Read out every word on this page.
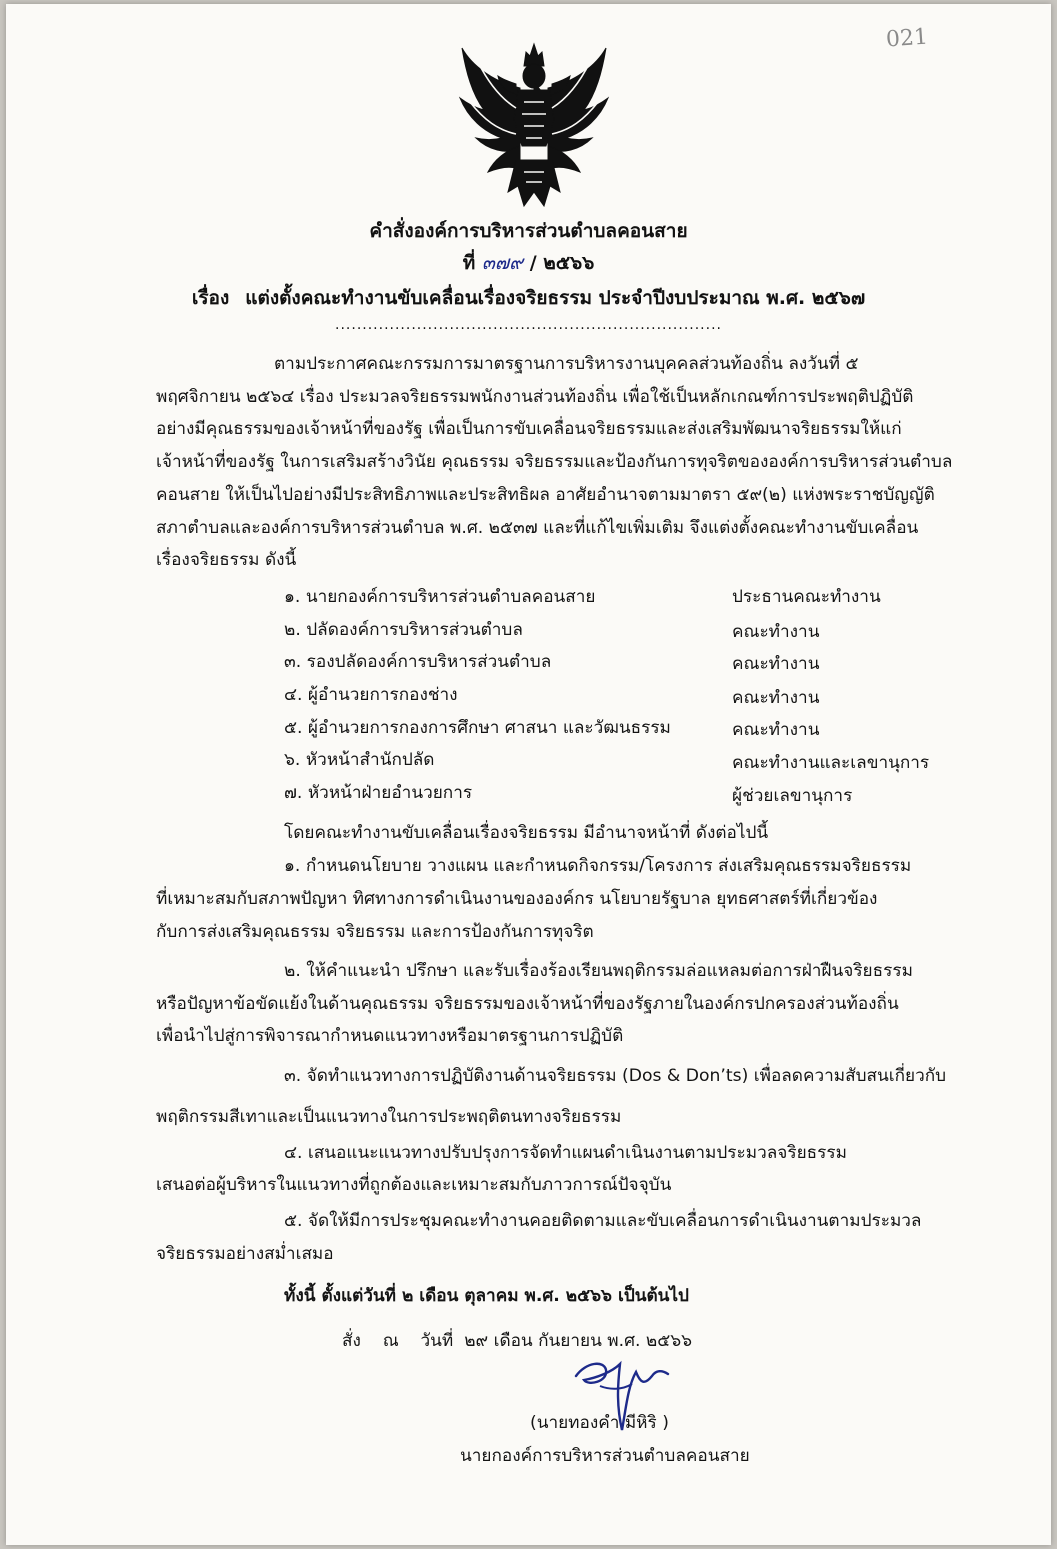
021
คำสั่งองค์การบริหารส่วนตำบลคอนสาย
ที่ ๓๗๙ / ๒๕๖๖
เรื่อง แต่งตั้งคณะทำงานขับเคลื่อนเรื่องจริยธรรม ประจำปีงบประมาณ พ.ศ. ๒๕๖๗
.......................................................................
ตามประกาศคณะกรรมการมาตรฐานการบริหารงานบุคคลส่วนท้องถิ่น ลงวันที่ ๕
พฤศจิกายน ๒๕๖๔ เรื่อง ประมวลจริยธรรมพนักงานส่วนท้องถิ่น เพื่อใช้เป็นหลักเกณฑ์การประพฤติปฏิบัติ
อย่างมีคุณธรรมของเจ้าหน้าที่ของรัฐ เพื่อเป็นการขับเคลื่อนจริยธรรมและส่งเสริมพัฒนาจริยธรรมให้แก่
เจ้าหน้าที่ของรัฐ ในการเสริมสร้างวินัย คุณธรรม จริยธรรมและป้องกันการทุจริตขององค์การบริหารส่วนตำบล
คอนสาย ให้เป็นไปอย่างมีประสิทธิภาพและประสิทธิผล อาศัยอำนาจตามมาตรา ๕๙(๒) แห่งพระราชบัญญัติ
สภาตำบลและองค์การบริหารส่วนตำบล พ.ศ. ๒๕๓๗ และที่แก้ไขเพิ่มเติม จึงแต่งตั้งคณะทำงานขับเคลื่อน
เรื่องจริยธรรม ดังนี้
๑. นายกองค์การบริหารส่วนตำบลคอนสาย	ประธานคณะทำงาน
๒. ปลัดองค์การบริหารส่วนตำบล	คณะทำงาน
๓. รองปลัดองค์การบริหารส่วนตำบล	คณะทำงาน
๔. ผู้อำนวยการกองช่าง	คณะทำงาน
๕. ผู้อำนวยการกองการศึกษา ศาสนา และวัฒนธรรม	คณะทำงาน
๖. หัวหน้าสำนักปลัด	คณะทำงานและเลขานุการ
๗. หัวหน้าฝ่ายอำนวยการ	ผู้ช่วยเลขานุการ
โดยคณะทำงานขับเคลื่อนเรื่องจริยธรรม มีอำนาจหน้าที่ ดังต่อไปนี้
๑. กำหนดนโยบาย วางแผน และกำหนดกิจกรรม/โครงการ ส่งเสริมคุณธรรมจริยธรรม
ที่เหมาะสมกับสภาพปัญหา ทิศทางการดำเนินงานขององค์กร นโยบายรัฐบาล ยุทธศาสตร์ที่เกี่ยวข้อง
กับการส่งเสริมคุณธรรม จริยธรรม และการป้องกันการทุจริต
๒. ให้คำแนะนำ ปรึกษา และรับเรื่องร้องเรียนพฤติกรรมล่อแหลมต่อการฝ่าฝืนจริยธรรม
หรือปัญหาข้อขัดแย้งในด้านคุณธรรม จริยธรรมของเจ้าหน้าที่ของรัฐภายในองค์กรปกครองส่วนท้องถิ่น
เพื่อนำไปสู่การพิจารณากำหนดแนวทางหรือมาตรฐานการปฏิบัติ
๓. จัดทำแนวทางการปฏิบัติงานด้านจริยธรรม (Dos & Don’ts) เพื่อลดความสับสนเกี่ยวกับ
พฤติกรรมสีเทาและเป็นแนวทางในการประพฤติตนทางจริยธรรม
๔. เสนอแนะแนวทางปรับปรุงการจัดทำแผนดำเนินงานตามประมวลจริยธรรม
เสนอต่อผู้บริหารในแนวทางที่ถูกต้องและเหมาะสมกับภาวการณ์ปัจจุบัน
๕. จัดให้มีการประชุมคณะทำงานคอยติดตามและขับเคลื่อนการดำเนินงานตามประมวล
จริยธรรมอย่างสม่ำเสมอ
ทั้งนี้ ตั้งแต่วันที่ ๒ เดือน ตุลาคม พ.ศ. ๒๕๖๖ เป็นต้นไป
สั่ง    ณ    วันที่  ๒๙ เดือน กันยายน พ.ศ. ๒๕๖๖
(นายทองคำ มีหิริ )
นายกองค์การบริหารส่วนตำบลคอนสาย
